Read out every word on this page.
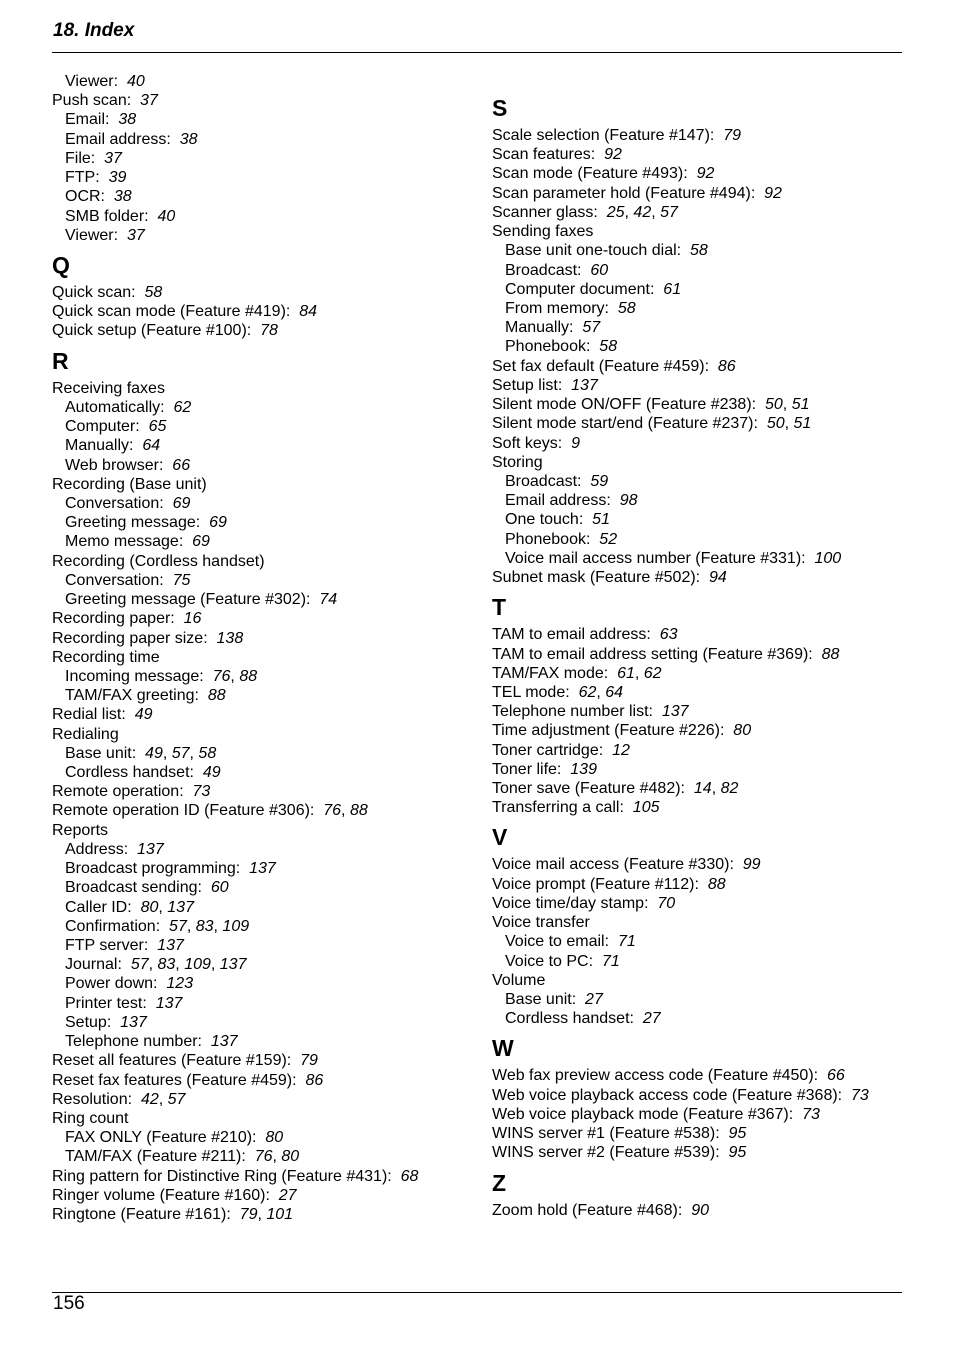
18. Index
Viewer: 40
Push scan: 37
Email: 38
Email address: 38
File: 37
FTP: 39
OCR: 38
SMB folder: 40
Viewer: 37
Q
Quick scan: 58
Quick scan mode (Feature #419): 84
Quick setup (Feature #100): 78
R
Receiving faxes
Automatically: 62
Computer: 65
Manually: 64
Web browser: 66
Recording (Base unit)
Conversation: 69
Greeting message: 69
Memo message: 69
Recording (Cordless handset)
Conversation: 75
Greeting message (Feature #302): 74
Recording paper: 16
Recording paper size: 138
Recording time
Incoming message: 76, 88
TAM/FAX greeting: 88
Redial list: 49
Redialing
Base unit: 49, 57, 58
Cordless handset: 49
Remote operation: 73
Remote operation ID (Feature #306): 76, 88
Reports
Address: 137
Broadcast programming: 137
Broadcast sending: 60
Caller ID: 80, 137
Confirmation: 57, 83, 109
FTP server: 137
Journal: 57, 83, 109, 137
Power down: 123
Printer test: 137
Setup: 137
Telephone number: 137
Reset all features (Feature #159): 79
Reset fax features (Feature #459): 86
Resolution: 42, 57
Ring count
FAX ONLY (Feature #210): 80
TAM/FAX (Feature #211): 76, 80
Ring pattern for Distinctive Ring (Feature #431): 68
Ringer volume (Feature #160): 27
Ringtone (Feature #161): 79, 101
S
Scale selection (Feature #147): 79
Scan features: 92
Scan mode (Feature #493): 92
Scan parameter hold (Feature #494): 92
Scanner glass: 25, 42, 57
Sending faxes
Base unit one-touch dial: 58
Broadcast: 60
Computer document: 61
From memory: 58
Manually: 57
Phonebook: 58
Set fax default (Feature #459): 86
Setup list: 137
Silent mode ON/OFF (Feature #238): 50, 51
Silent mode start/end (Feature #237): 50, 51
Soft keys: 9
Storing
Broadcast: 59
Email address: 98
One touch: 51
Phonebook: 52
Voice mail access number (Feature #331): 100
Subnet mask (Feature #502): 94
T
TAM to email address: 63
TAM to email address setting (Feature #369): 88
TAM/FAX mode: 61, 62
TEL mode: 62, 64
Telephone number list: 137
Time adjustment (Feature #226): 80
Toner cartridge: 12
Toner life: 139
Toner save (Feature #482): 14, 82
Transferring a call: 105
V
Voice mail access (Feature #330): 99
Voice prompt (Feature #112): 88
Voice time/day stamp: 70
Voice transfer
Voice to email: 71
Voice to PC: 71
Volume
Base unit: 27
Cordless handset: 27
W
Web fax preview access code (Feature #450): 66
Web voice playback access code (Feature #368): 73
Web voice playback mode (Feature #367): 73
WINS server #1 (Feature #538): 95
WINS server #2 (Feature #539): 95
Z
Zoom hold (Feature #468): 90
156
